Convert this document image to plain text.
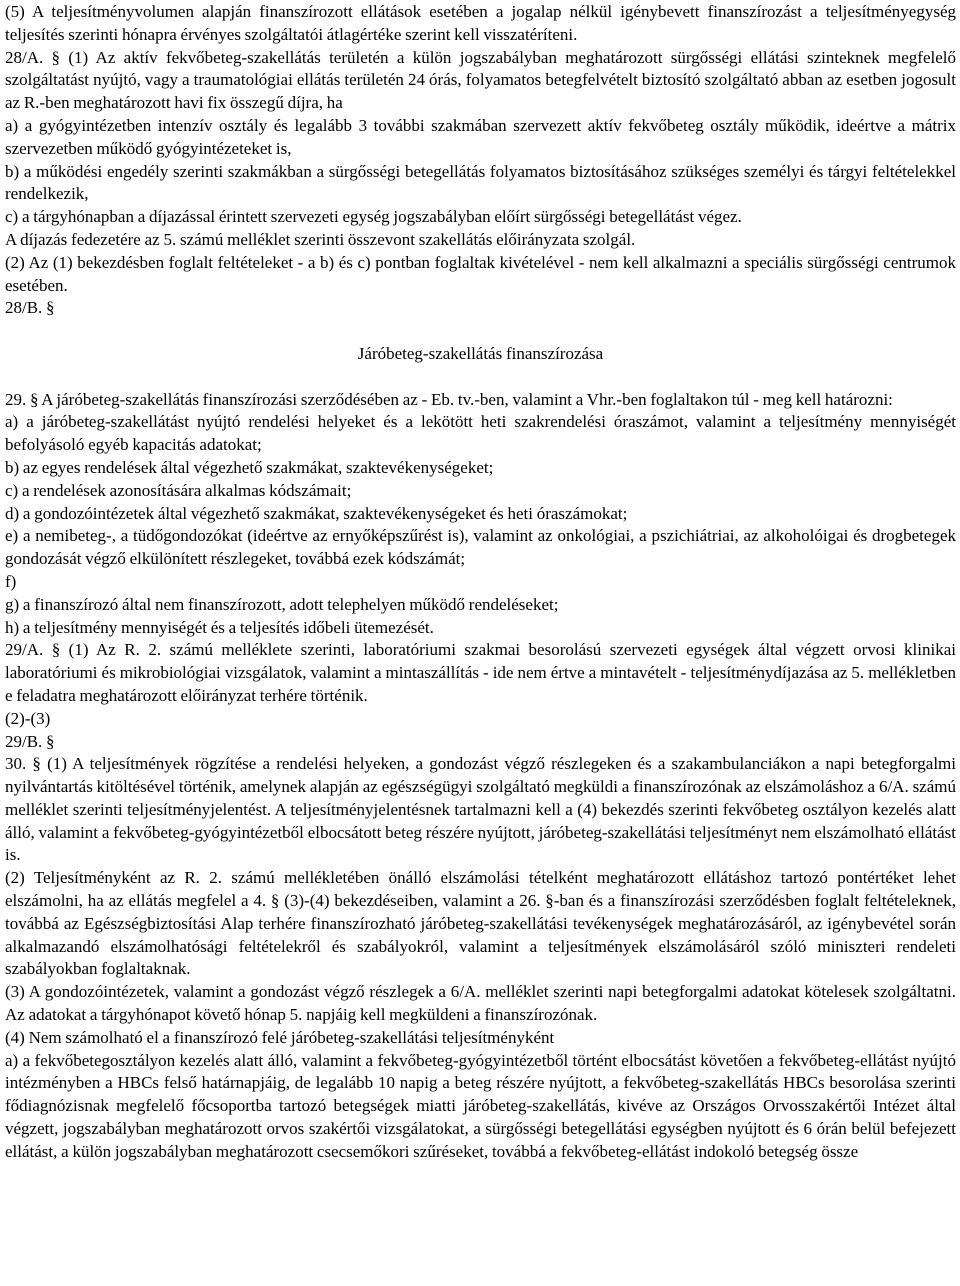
(5) A teljesítményvolumen alapján finanszírozott ellátások esetében a jogalap nélkül igénybevett finanszírozást a teljesítményegység teljesítés szerinti hónapra érvényes szolgáltatói átlagértéke szerint kell visszatéríteni.

28/A. § (1) Az aktív fekvőbeteg-szakellátás területén a külön jogszabályban meghatározott sürgősségi ellátási szinteknek megfelelő szolgáltatást nyújtó, vagy a traumatológiai ellátás területén 24 órás, folyamatos betegfelvételt biztosító szolgáltató abban az esetben jogosult az R.-ben meghatározott havi fix összegű díjra, ha

a) a gyógyintézetben intenzív osztály és legalább 3 további szakmában szervezett aktív fekvőbeteg osztály működik, ideértve a mátrix szervezetben működő gyógyintézeteket is,

b) a működési engedély szerinti szakmákban a sürgősségi betegellátás folyamatos biztosításához szükséges személyi és tárgyi feltételekkel rendelkezik,

c) a tárgyhónapban a díjazással érintett szervezeti egység jogszabályban előírt sürgősségi betegellátást végez.

A díjazás fedezetére az 5. számú melléklet szerinti összevont szakellátás előirányzata szolgál.

(2) Az (1) bekezdésben foglalt feltételeket - a b) és c) pontban foglaltak kivételével - nem kell alkalmazni a speciális sürgősségi centrumok esetében.

28/B. §

Járóbeteg-szakellátás finanszírozása

29. § A járóbeteg-szakellátás finanszírozási szerződésében az - Eb. tv.-ben, valamint a Vhr.-ben foglaltakon túl - meg kell határozni:

a) a járóbeteg-szakellátást nyújtó rendelési helyeket és a lekötött heti szakrendelési óraszámot, valamint a teljesítmény mennyiségét befolyásoló egyéb kapacitás adatokat;

b) az egyes rendelések által végezhető szakmákat, szaktevékenységeket;

c) a rendelések azonosítására alkalmas kódszámait;

d) a gondozóintézetek által végezhető szakmákat, szaktevékenységeket és heti óraszámokat;

e) a nemibeteg-, a tüdőgondozókat (ideértve az ernyőképszűrést is), valamint az onkológiai, a pszichiátriai, az alkoholóigai és drogbetegek gondozását végző elkülönített részlegeket, továbbá ezek kódszámát;

f)

g) a finanszírozó által nem finanszírozott, adott telephelyen működő rendeléseket;

h) a teljesítmény mennyiségét és a teljesítés időbeli ütemezését.

29/A. § (1) Az R. 2. számú melléklete szerinti, laboratóriumi szakmai besorolású szervezeti egységek által végzett orvosi klinikai laboratóriumi és mikrobiológiai vizsgálatok, valamint a mintaszállítás - ide nem értve a mintavételt - teljesítménydíjazása az 5. mellékletben e feladatra meghatározott előirányzat terhére történik.

(2)-(3)

29/B. §

30. § (1) A teljesítmények rögzítése a rendelési helyeken, a gondozást végző részlegeken és a szakambulanciákon a napi betegforgalmi nyilvántartás kitöltésével történik, amelynek alapján az egészségügyi szolgáltató megküldi a finanszírozónak az elszámoláshoz a 6/A. számú melléklet szerinti teljesítményjelentést. A teljesítményjelentésnek tartalmazni kell a (4) bekezdés szerinti fekvőbeteg osztályon kezelés alatt álló, valamint a fekvőbeteg-gyógyintézetből elbocsátott beteg részére nyújtott, járóbeteg-szakellátási teljesítményt nem elszámolható ellátást is.

(2) Teljesítményként az R. 2. számú mellékletében önálló elszámolási tételként meghatározott ellátáshoz tartozó pontértéket lehet elszámolni, ha az ellátás megfelel a 4. § (3)-(4) bekezdéseiben, valamint a 26. §-ban és a finanszírozási szerződésben foglalt feltételeknek, továbbá az Egészségbiztosítási Alap terhére finanszírozható járóbeteg-szakellátási tevékenységek meghatározásáról, az igénybevétel során alkalmazandó elszámolhatósági feltételekről és szabályokról, valamint a teljesítmények elszámolásáról szóló miniszteri rendeleti szabályokban foglaltaknak.

(3) A gondozóintézetek, valamint a gondozást végző részlegek a 6/A. melléklet szerinti napi betegforgalmi adatokat kötelesek szolgáltatni. Az adatokat a tárgyhónapot követő hónap 5. napjáig kell megküldeni a finanszírozónak.

(4) Nem számolható el a finanszírozó felé járóbeteg-szakellátási teljesítményként

a) a fekvőbetegosztályon kezelés alatt álló, valamint a fekvőbeteg-gyógyintézetből történt elbocsátást követően a fekvőbeteg-ellátást nyújtó intézményben a HBCs felső határnapjáig, de legalább 10 napig a beteg részére nyújtott, a fekvőbeteg-szakellátás HBCs besorolása szerinti fődiagnózisnak megfelelő főcsoportba tartozó betegségek miatti járóbeteg-szakellátás, kivéve az Országos Orvosszakértői Intézet által végzett, jogszabályban meghatározott orvos szakértői vizsgálatokat, a sürgősségi betegellátási egységben nyújtott és 6 órán belül befejezett ellátást, a külön jogszabályban meghatározott csecsemőkori szűréseket, továbbá a fekvőbeteg-ellátást indokoló betegség össze
